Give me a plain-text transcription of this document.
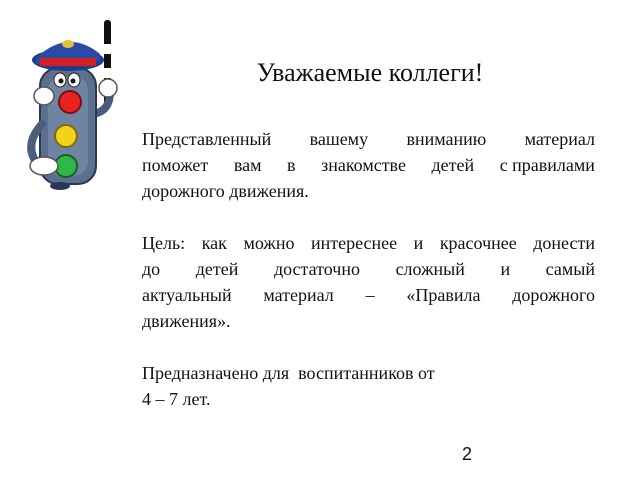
Уважаемые коллеги!

Представленный вашему вниманию материал
поможет вам в знакомстве детей с правилами
дорожного движения.

Цель: как можно интереснее и красочнее донести
до детей достаточно сложный и самый
актуальный материал – «Правила дорожного
движения».

Предназначено для  воспитанников от
4 – 7 лет.

2
